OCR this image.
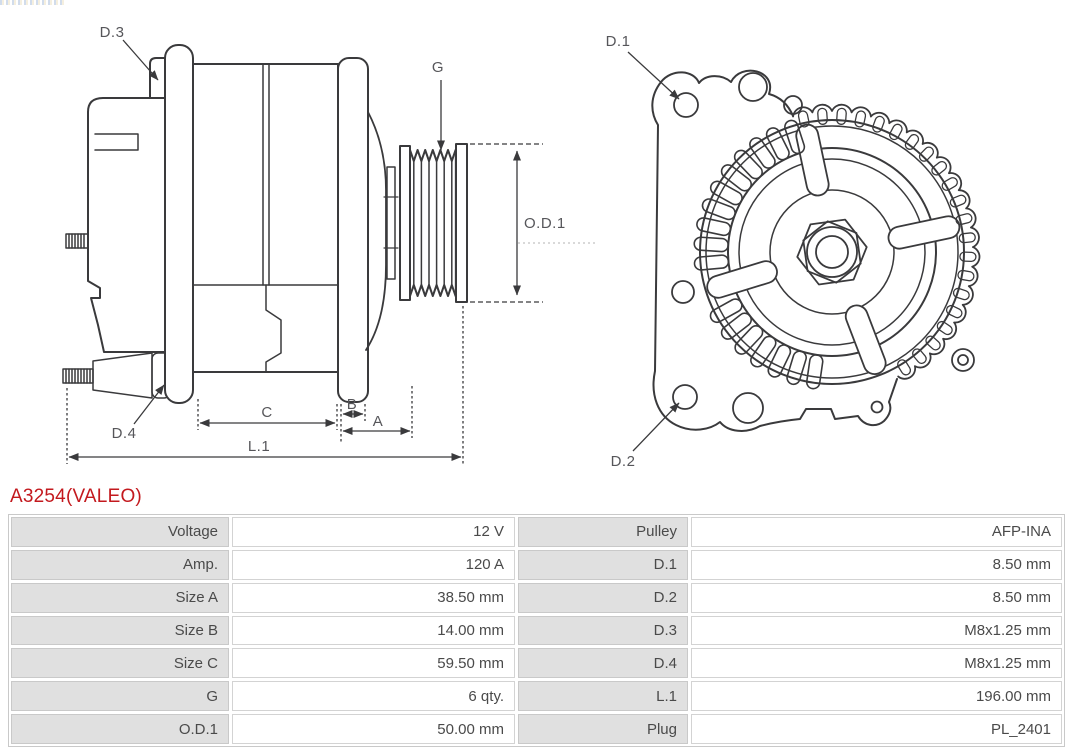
D.3
G
O.D.1
D.4
C	B
A
L.1
D.1
D.2
A3254(VALEO)
Voltage	12 V	Pulley	AFP-INA
Amp.	120 A	D.1	8.50 mm
Size A	38.50 mm	D.2	8.50 mm
Size B	14.00 mm	D.3	M8x1.25 mm
Size C	59.50 mm	D.4	M8x1.25 mm
G	6 qty.	L.1	196.00 mm
O.D.1	50.00 mm	Plug	PL_2401
